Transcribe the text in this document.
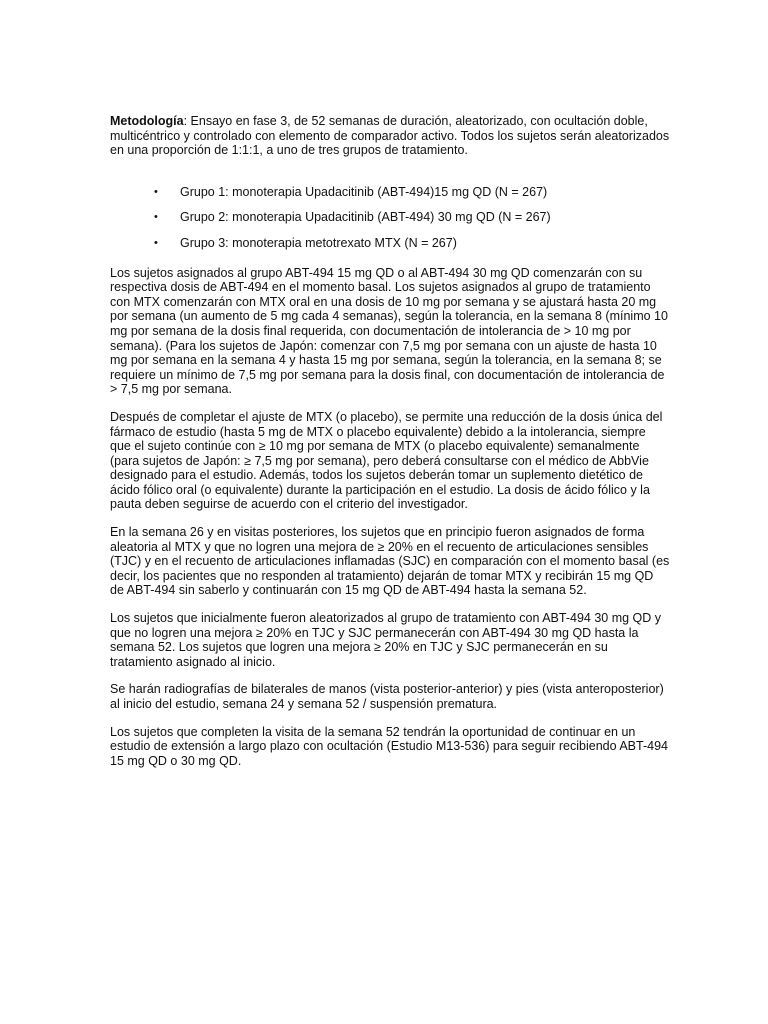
Metodología: Ensayo en fase 3, de 52 semanas de duración, aleatorizado, con ocultación doble, multicéntrico y controlado con elemento de comparador activo. Todos los sujetos serán aleatorizados en una proporción de 1:1:1, a uno de tres grupos de tratamiento.

• Grupo 1: monoterapia Upadacitinib (ABT-494)15 mg QD (N = 267)
• Grupo 2: monoterapia Upadacitinib (ABT-494) 30 mg QD (N = 267)
• Grupo 3: monoterapia metotrexato MTX (N = 267)

Los sujetos asignados al grupo ABT-494 15 mg QD o al ABT-494 30 mg QD comenzarán con su respectiva dosis de ABT-494 en el momento basal. Los sujetos asignados al grupo de tratamiento con MTX comenzarán con MTX oral en una dosis de 10 mg por semana y se ajustará hasta 20 mg por semana (un aumento de 5 mg cada 4 semanas), según la tolerancia, en la semana 8 (mínimo 10 mg por semana de la dosis final requerida, con documentación de intolerancia de > 10 mg por semana). (Para los sujetos de Japón: comenzar con 7,5 mg por semana con un ajuste de hasta 10 mg por semana en la semana 4 y hasta 15 mg por semana, según la tolerancia, en la semana 8; se requiere un mínimo de 7,5 mg por semana para la dosis final, con documentación de intolerancia de > 7,5 mg por semana.

Después de completar el ajuste de MTX (o placebo), se permite una reducción de la dosis única del fármaco de estudio (hasta 5 mg de MTX o placebo equivalente) debido a la intolerancia, siempre que el sujeto continúe con ≥ 10 mg por semana de MTX (o placebo equivalente) semanalmente (para sujetos de Japón: ≥ 7,5 mg por semana), pero deberá consultarse con el médico de AbbVie designado para el estudio. Además, todos los sujetos deberán tomar un suplemento dietético de ácido fólico oral (o equivalente) durante la participación en el estudio. La dosis de ácido fólico y la pauta deben seguirse de acuerdo con el criterio del investigador.

En la semana 26 y en visitas posteriores, los sujetos que en principio fueron asignados de forma aleatoria al MTX y que no logren una mejora de ≥ 20% en el recuento de articulaciones sensibles (TJC) y en el recuento de articulaciones inflamadas (SJC) en comparación con el momento basal (es decir, los pacientes que no responden al tratamiento) dejarán de tomar MTX y recibirán 15 mg QD de ABT-494 sin saberlo y continuarán con 15 mg QD de ABT-494 hasta la semana 52.

Los sujetos que inicialmente fueron aleatorizados al grupo de tratamiento con ABT-494 30 mg QD y que no logren una mejora ≥ 20% en TJC y SJC permanecerán con ABT-494 30 mg QD hasta la semana 52. Los sujetos que logren una mejora ≥ 20% en TJC y SJC permanecerán en su tratamiento asignado al inicio.

Se harán radiografías de bilaterales de manos (vista posterior-anterior) y pies (vista anteroposterior) al inicio del estudio, semana 24 y semana 52 / suspensión prematura.

Los sujetos que completen la visita de la semana 52 tendrán la oportunidad de continuar en un estudio de extensión a largo plazo con ocultación (Estudio M13-536) para seguir recibiendo ABT-494 15 mg QD o 30 mg QD.
